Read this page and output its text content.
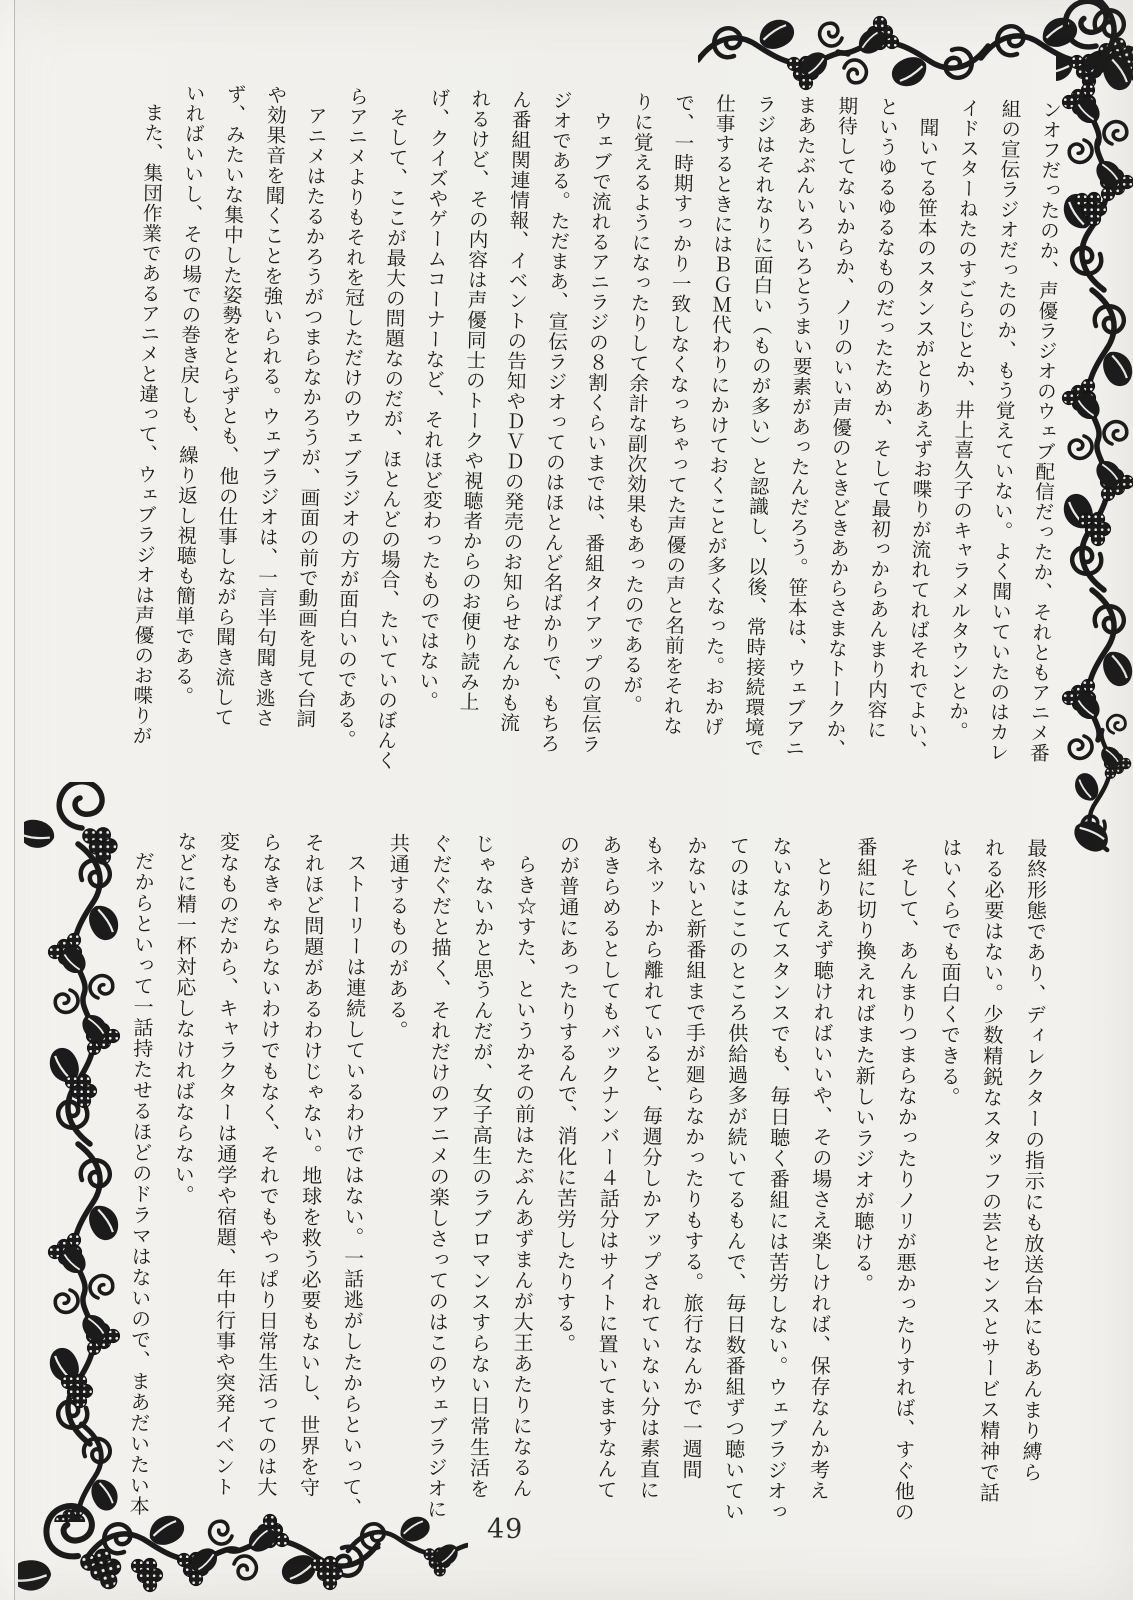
ンオフだったのか、声優ラジオのウェブ配信だったか、それともアニメ番
組の宣伝ラジオだったのか、もう覚えていない。よく聞いていたのはカレ
イドスターねたのすごらじとか、井上喜久子のキャラメルタウンとか。
聞いてる笹本のスタンスがとりあえずお喋りが流れてればそれでよい、
というゆるゆるなものだったためか、そして最初っからあんまり内容に
期待してないからか、ノリのいい声優のときどきあからさまなトークか、
まあたぶんいろいろとうまい要素があったんだろう。笹本は、ウェブアニ
ラジはそれなりに面白い（ものが多い）と認識し、以後、常時接続環境で
仕事するときにはＢＧＭ代わりにかけておくことが多くなった。おかげ
で、一時期すっかり一致しなくなっちゃってた声優の声と名前をそれな
りに覚えるようになったりして余計な副次効果もあったのであるが。
ウェブで流れるアニラジの８割くらいまでは、番組タイアップの宣伝ラ
ジオである。ただまあ、宣伝ラジオってのはほとんど名ばかりで、もちろ
ん番組関連情報、イベントの告知やＤＶＤの発売のお知らせなんかも流
れるけど、その内容は声優同士のトークや視聴者からのお便り読み上
げ、クイズやゲームコーナーなど、それほど変わったものではない。
そして、ここが最大の問題なのだが、ほとんどの場合、たいていのぼんく
らアニメよりもそれを冠しただけのウェブラジオの方が面白いのである。
アニメはたるかろうがつまらなかろうが、画面の前で動画を見て台詞
や効果音を聞くことを強いられる。ウェブラジオは、一言半句聞き逃さ
ず、みたいな集中した姿勢をとらずとも、他の仕事しながら聞き流して
いればいいし、その場での巻き戻しも、繰り返し視聴も簡単である。
また、集団作業であるアニメと違って、ウェブラジオは声優のお喋りが
最終形態であり、ディレクターの指示にも放送台本にもあんまり縛ら
れる必要はない。少数精鋭なスタッフの芸とセンスとサービス精神で話
はいくらでも面白くできる。
そして、あんまりつまらなかったりノリが悪かったりすれば、すぐ他の
番組に切り換えればまた新しいラジオが聴ける。
とりあえず聴ければいいや、その場さえ楽しければ、保存なんか考え
ないなんてスタンスでも、毎日聴く番組には苦労しない。ウェブラジオっ
てのはここのところ供給過多が続いてるもんで、毎日数番組ずつ聴いてい
かないと新番組まで手が廻らなかったりもする。旅行なんかで一週間
もネットから離れていると、毎週分しかアップされていない分は素直に
あきらめるとしてもバックナンバー４話分はサイトに置いてますなんて
のが普通にあったりするんで、消化に苦労したりする。
らき☆すた、というかその前はたぶんあずまんが大王あたりになるん
じゃないかと思うんだが、女子高生のラブロマンスすらない日常生活を
ぐだぐだと描く、それだけのアニメの楽しさってのはこのウェブラジオに
共通するものがある。
ストーリーは連続しているわけではない。一話逃がしたからといって、
それほど問題があるわけじゃない。地球を救う必要もないし、世界を守
らなきゃならないわけでもなく、それでもやっぱり日常生活ってのは大
変なものだから、キャラクターは通学や宿題、年中行事や突発イベント
などに精一杯対応しなければならない。
だからといって一話持たせるほどのドラマはないので、まあだいたい本
49
